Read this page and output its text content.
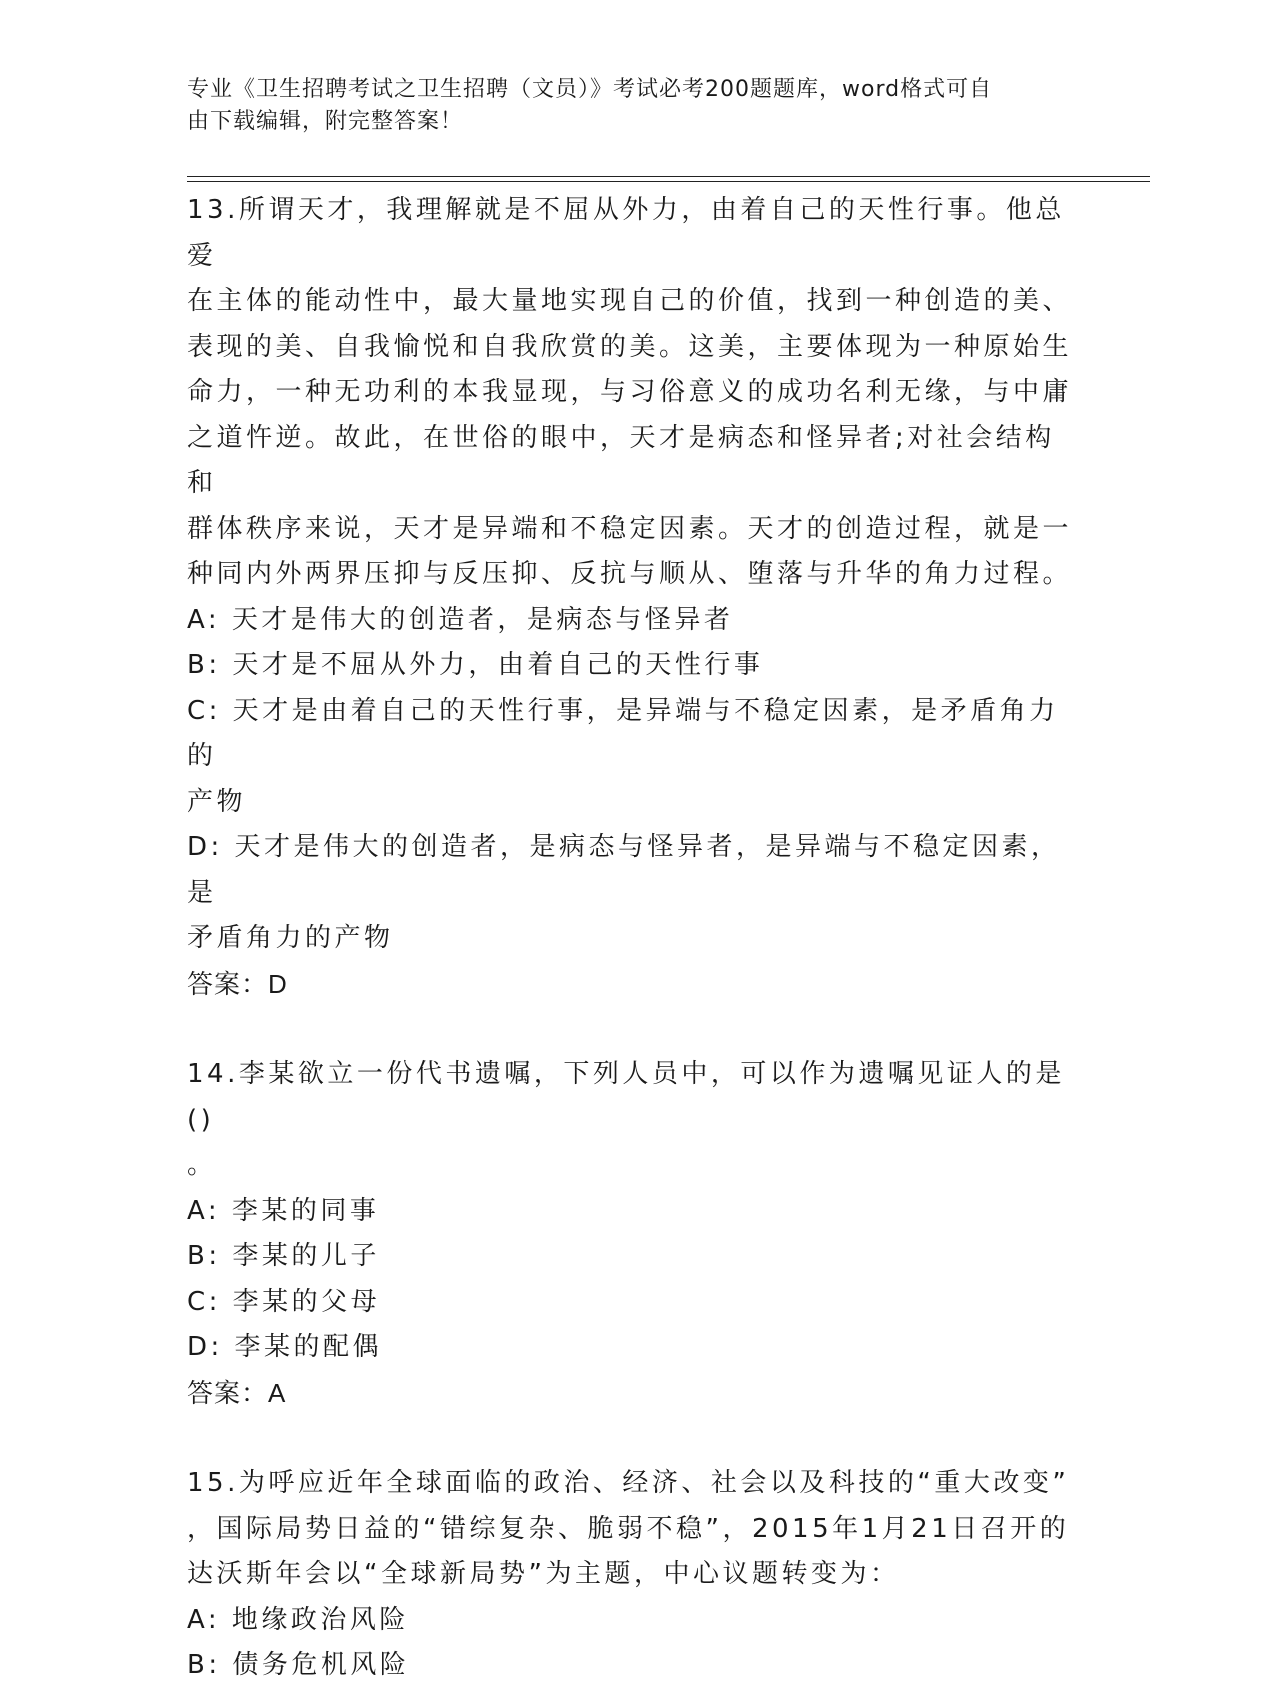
专业《卫生招聘考试之卫生招聘（文员）》考试必考200题题库，word格式可自
由下载编辑，附完整答案！

13.所谓天才，我理解就是不屈从外力，由着自己的天性行事。他总爱

在主体的能动性中，最大量地实现自己的价值，找到一种创造的美、

表现的美、自我愉悦和自我欣赏的美。这美，主要体现为一种原始生

命力，一种无功利的本我显现，与习俗意义的成功名利无缘，与中庸

之道忤逆。故此，在世俗的眼中，天才是病态和怪异者;对社会结构和

群体秩序来说，天才是异端和不稳定因素。天才的创造过程，就是一

种同内外两界压抑与反压抑、反抗与顺从、堕落与升华的角力过程。

A: 天才是伟大的创造者，是病态与怪异者

B: 天才是不屈从外力，由着自己的天性行事

C: 天才是由着自己的天性行事，是异端与不稳定因素，是矛盾角力的

产物

D: 天才是伟大的创造者，是病态与怪异者，是异端与不稳定因素，是

矛盾角力的产物

答案：D

14.李某欲立一份代书遗嘱，下列人员中，可以作为遗嘱见证人的是()

。

A: 李某的同事

B: 李某的儿子

C: 李某的父母

D: 李某的配偶

答案：A

15.为呼应近年全球面临的政治、经济、社会以及科技的“重大改变”

，国际局势日益的“错综复杂、脆弱不稳”，2015年1月21日召开的

达沃斯年会以“全球新局势”为主题，中心议题转变为：

A: 地缘政治风险

B: 债务危机风险
